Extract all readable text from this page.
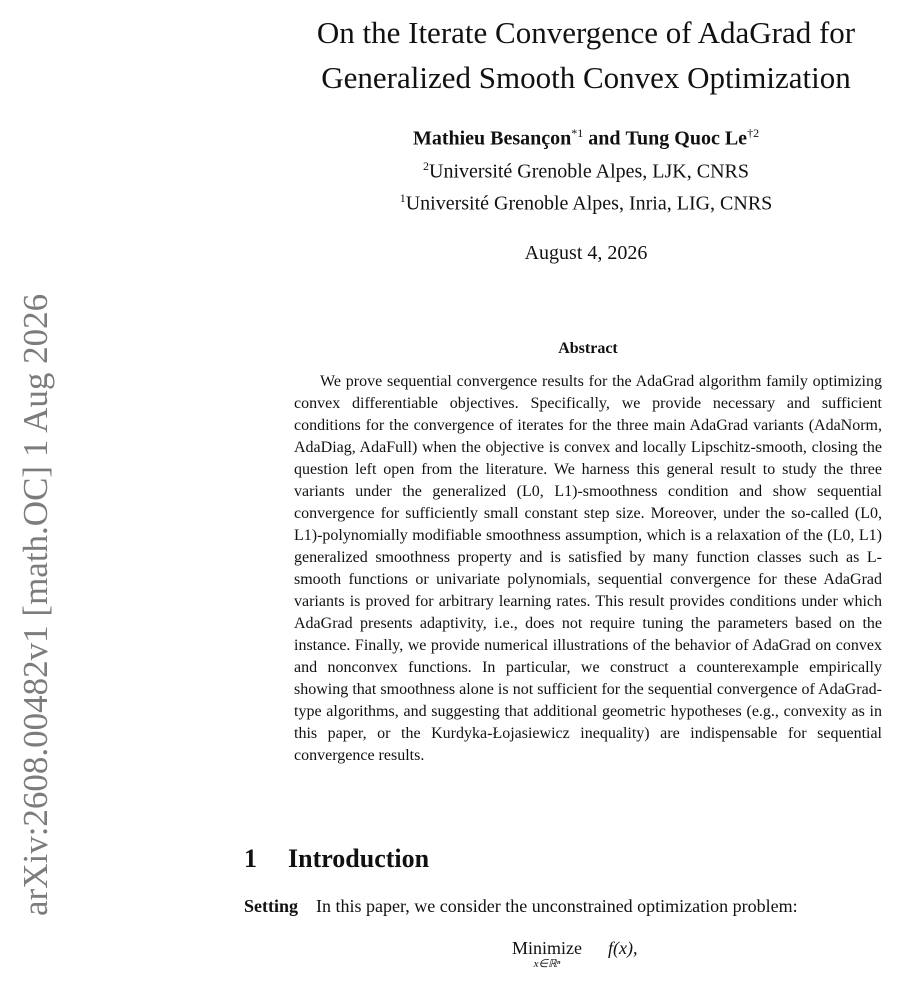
arXiv:2608.00482v1 [math.OC] 1 Aug 2026
On the Iterate Convergence of AdaGrad for
Generalized Smooth Convex Optimization
Mathieu Besançon$^{*1}$ and Tung Quoc Le$^{\dagger 2}$
$^2$Université Grenoble Alpes, LJK, CNRS
$^1$Université Grenoble Alpes, Inria, LIG, CNRS
August 4, 2026
Abstract
We prove sequential convergence results for the AdaGrad algorithm family optimizing convex differentiable objectives. Specifically, we provide necessary and sufficient conditions for the convergence of iterates for the three main AdaGrad variants (AdaNorm, AdaDiag, AdaFull) when the objective is convex and locally Lipschitz-smooth, closing the question left open from the literature. We harness this general result to study the three variants under the generalized (L0, L1)-smoothness condition and show sequential convergence for sufficiently small constant step size. Moreover, under the so-called (L0, L1)-polynomially modifiable smoothness assumption, which is a relaxation of the (L0, L1) generalized smoothness property and is satisfied by many function classes such as L-smooth functions or univariate polynomials, sequential convergence for these AdaGrad variants is proved for arbitrary learning rates. This result provides conditions under which AdaGrad presents adaptivity, i.e., does not require tuning the parameters based on the instance. Finally, we provide numerical illustrations of the behavior of AdaGrad on convex and nonconvex functions. In particular, we construct a counterexample empirically showing that smoothness alone is not sufficient for the sequential convergence of AdaGrad-type algorithms, and suggesting that additional geometric hypotheses (e.g., convexity as in this paper, or the Kurdyka-Łojasiewicz inequality) are indispensable for sequential convergence results.
1 Introduction
Setting In this paper, we consider the unconstrained optimization problem:
Minimize
x∈ℝⁿ
f(x),
